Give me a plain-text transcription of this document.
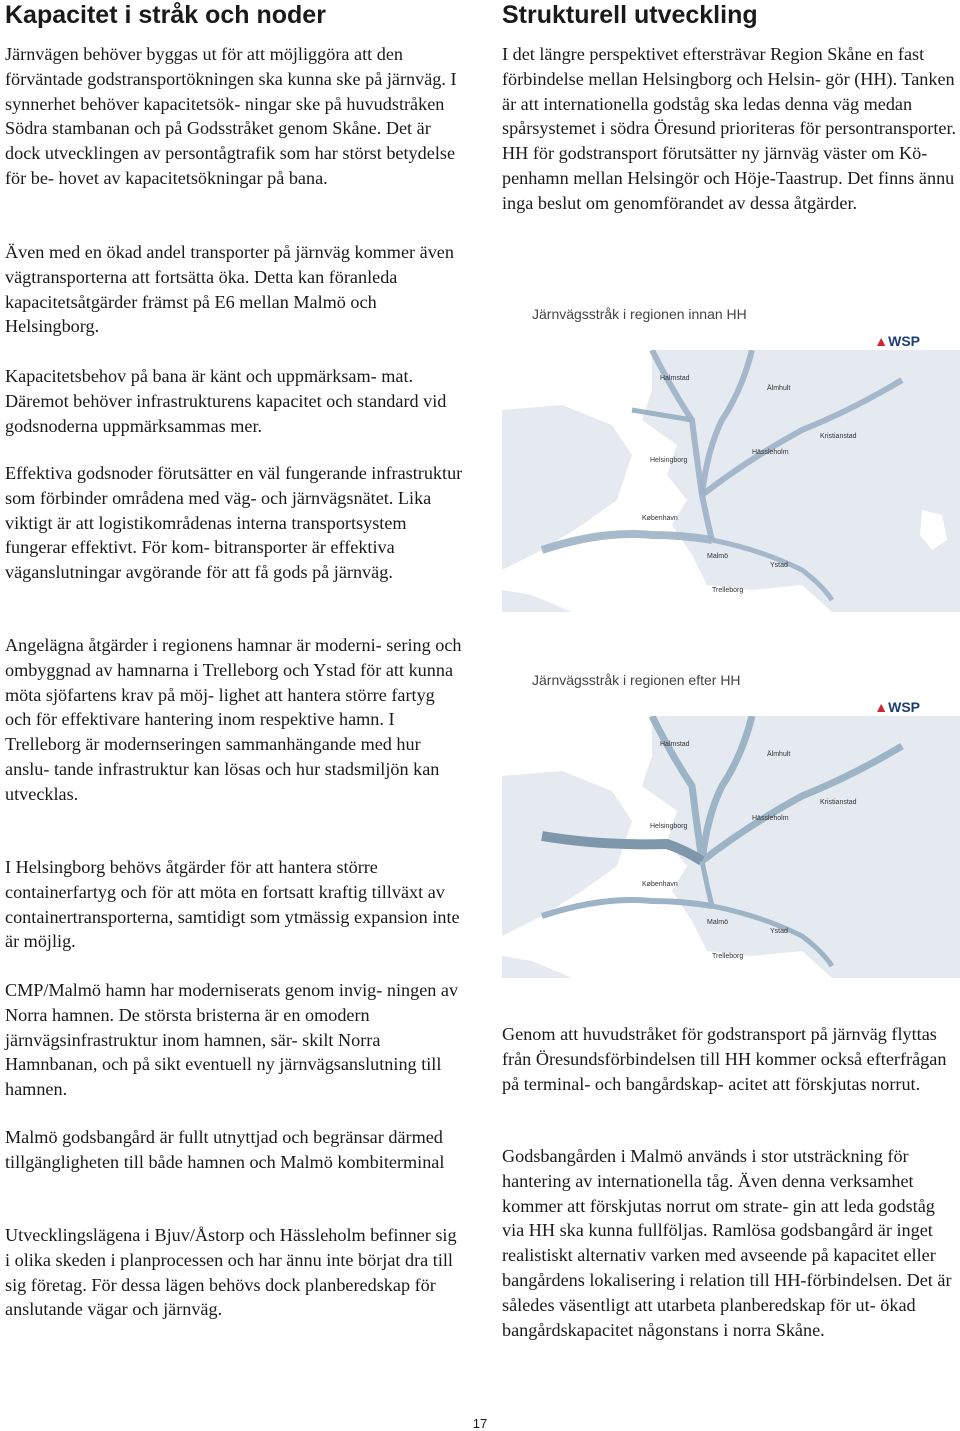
Kapacitet i stråk och noder

Järnvägen behöver byggas ut för att möjliggöra att den förväntade godstransportökningen ska kunna ske på järnväg. I synnerhet behöver kapacitetsök- ningar ske på huvudstråken Södra stambanan och på Godsstråket genom Skåne. Det är dock utvecklingen av persontågtrafik som har störst betydelse för be- hovet av kapacitetsökningar på bana.

Även med en ökad andel transporter på järnväg kommer även vägtransporterna att fortsätta öka. Detta kan föranleda kapacitetsåtgärder främst på E6 mellan Malmö och Helsingborg.

Kapacitetsbehov på bana är känt och uppmärksam- mat. Däremot behöver infrastrukturens kapacitet och standard vid godsnoderna uppmärksammas mer.

Effektiva godsnoder förutsätter en väl fungerande infrastruktur som förbinder områdena med väg- och järnvägsnätet. Lika viktigt är att logistikområdenas interna transportsystem fungerar effektivt. För kom- bitransporter är effektiva väganslutningar avgörande för att få gods på järnväg.

Angelägna åtgärder i regionens hamnar är moderni- sering och ombyggnad av hamnarna i Trelleborg och Ystad för att kunna möta sjöfartens krav på möj- lighet att hantera större fartyg och för effektivare hantering inom respektive hamn. I Trelleborg är modernseringen sammanhängande med hur anslu- tande infrastruktur kan lösas och hur stadsmiljön kan utvecklas.

I Helsingborg behövs åtgärder för att hantera större containerfartyg och för att möta en fortsatt kraftig tillväxt av containertransporterna, samtidigt som ytmässig expansion inte är möjlig.

CMP/Malmö hamn har moderniserats genom invig- ningen av Norra hamnen. De största bristerna är en omodern järnvägsinfrastruktur inom hamnen, sär- skilt Norra Hamnbanan, och på sikt eventuell ny järnvägsanslutning till hamnen.

Malmö godsbangård är fullt utnyttjad och begränsar därmed tillgängligheten till både hamnen och Malmö kombiterminal

Utvecklingslägena i Bjuv/Åstorp och Hässleholm befinner sig i olika skeden i planprocessen och har ännu inte börjat dra till sig företag. För dessa lägen behövs dock planberedskap för anslutande vägar och järnväg.

Strukturell utveckling

I det längre perspektivet eftersträvar Region Skåne en fast förbindelse mellan Helsingborg och Helsin- gör (HH). Tanken är att internationella godståg ska ledas denna väg medan spårsystemet i södra Öresund prioriteras för persontransporter. HH för godstransport förutsätter ny järnväg väster om Kö- penhamn mellan Helsingör och Höje-Taastrup. Det finns ännu inga beslut om genomförandet av dessa åtgärder.

Järnvägsstråk i regionen innan HH
▲WSP
Halmstad
Älmhult
Kristianstad
Hässleholm
Helsingborg
København
Malmö
Ystad
Trelleborg
Järnvägsstråk i regionen efter HH
▲WSP
Halmstad
Älmhult
Kristianstad
Hässleholm
Helsingborg
København
Malmö
Ystad
Trelleborg

Genom att huvudstråket för godstransport på järnväg flyttas från Öresundsförbindelsen till HH kommer också efterfrågan på terminal- och bangårdskap- acitet att förskjutas norrut.

Godsbangården i Malmö används i stor utsträckning för hantering av internationella tåg. Även denna verksamhet kommer att förskjutas norrut om strate- gin att leda godståg via HH ska kunna fullföljas. Ramlösa godsbangård är inget realistiskt alternativ varken med avseende på kapacitet eller bangårdens lokalisering i relation till HH-förbindelsen. Det är således väsentligt att utarbeta planberedskap för ut- ökad bangårdskapacitet någonstans i norra Skåne.

17
